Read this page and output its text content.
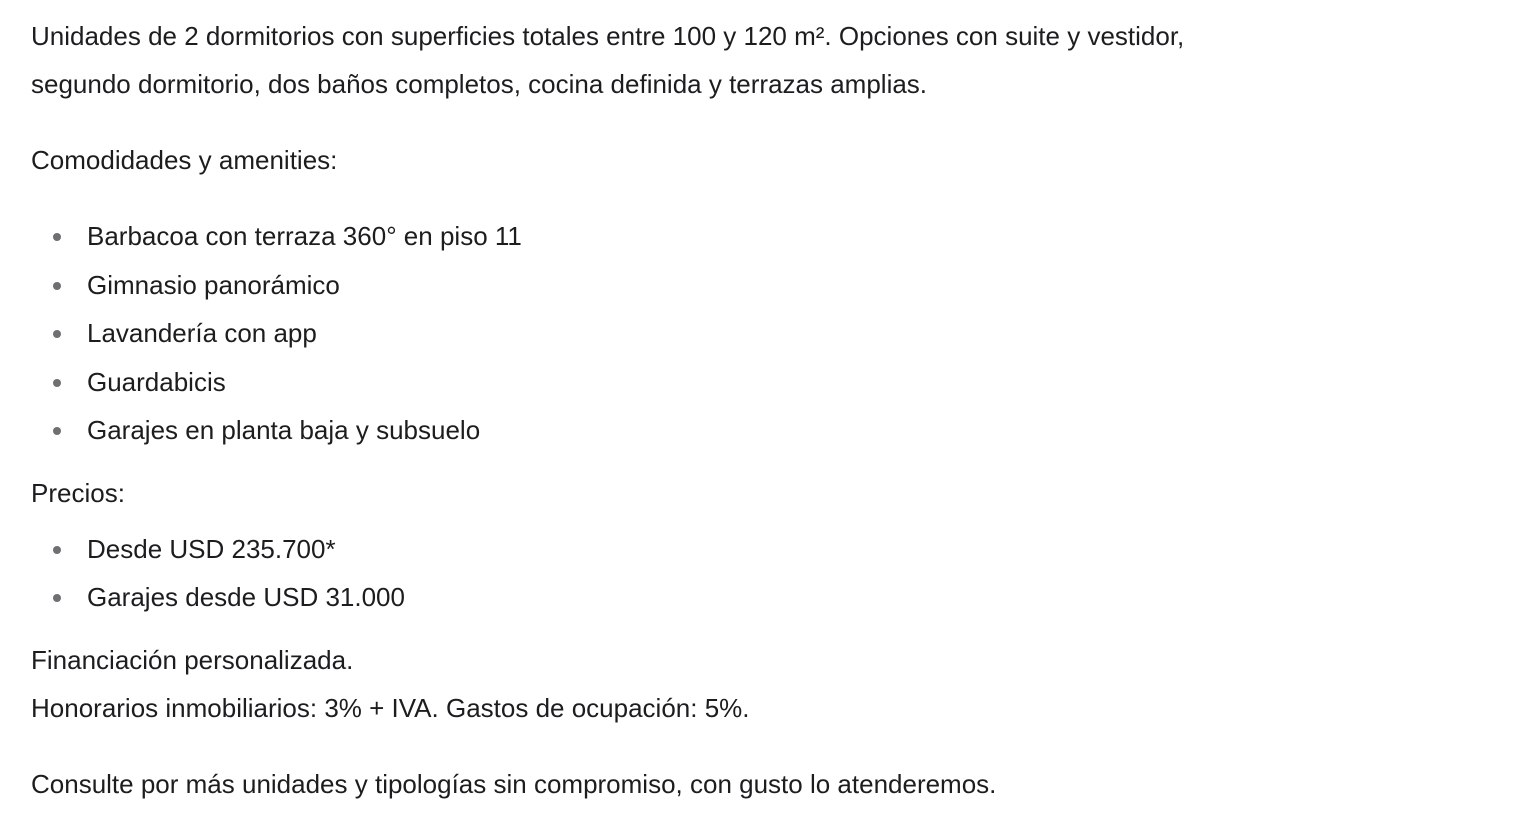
Unidades de 2 dormitorios con superficies totales entre 100 y 120 m². Opciones con suite y vestidor,
segundo dormitorio, dos baños completos, cocina definida y terrazas amplias.

Comodidades y amenities:

Barbacoa con terraza 360° en piso 11
Gimnasio panorámico
Lavandería con app
Guardabicis
Garajes en planta baja y subsuelo

Precios:

Desde USD 235.700*
Garajes desde USD 31.000

Financiación personalizada.

Honorarios inmobiliarios: 3% + IVA. Gastos de ocupación: 5%.

Consulte por más unidades y tipologías sin compromiso, con gusto lo atenderemos.
